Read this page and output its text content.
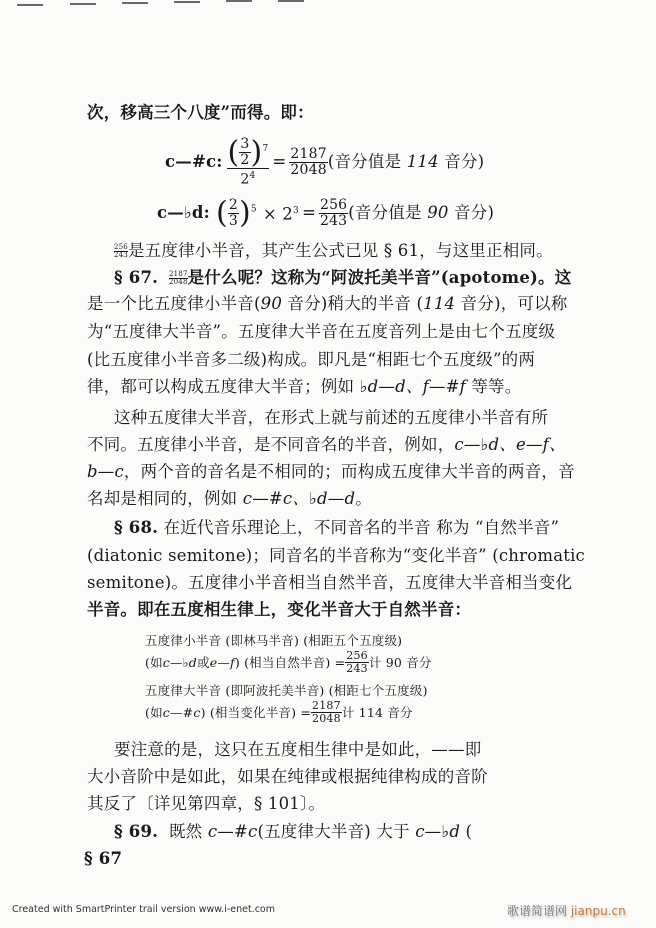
次，移高三个八度”而得。即：
c—#c: $\frac{( \frac{3}{2} )^7}{2^4} = \frac{2187}{2048}$ (音分值是 114 音分)
c—♭d: ( $\frac{2}{3} )^5 \times 2^3 = \frac{256}{243}$ (音分值是 90 音分)
$\frac{256}{243}$是五度律小半音，其产生公式已见 § 61，与这里正相同。
§ 67. $\frac{2187}{2048}$是什么呢？这称为“阿波托美半音”(apotome)。这
是一个比五度律小半音(90 音分)稍大的半音 (114 音分)，可以称
为“五度律大半音”。五度律大半音在五度音列上是由七个五度级
(比五度律小半音多二级)构成。即凡是“相距七个五度级”的两
律，都可以构成五度律大半音；例如 ♭d—d、f—#f 等等。
这种五度律大半音，在形式上就与前述的五度律小半音有所
不同。五度律小半音，是不同音名的半音，例如，c—♭d、e—f、
b—c，两个音的音名是不相同的；而构成五度律大半音的两音，音
名却是相同的，例如 c—#c、♭d—d。
§ 68. 在近代音乐理论上，不同音名的半音 称为 “自然半音”
(diatonic semitone)；同音名的半音称为“变化半音” (chromatic
semitone)。五度律小半音相当自然半音，五度律大半音相当变化
半音。即在五度相生律上，变化半音大于自然半音：
五度律小半音 (即林马半音) (相距五个五度级)
(如 c—♭d 或 e—f ) (相当自然半音) = $\frac{256}{243}$ 计 90 音分
五度律大半音 (即阿波托美半音) (相距七个五度级)
(如 c—#c ) (相当变化半音) = $\frac{2187}{2048}$ 计 114 音分
要注意的是，这只在五度相生律中是如此，——即
大小音阶中是如此，如果在纯律或根据纯律构成的音阶
其反了〔详见第四章，§ 101〕。
§ 69. 既然 c—#c(五度律大半音) 大于 c—♭d (
§ 67
Created with SmartPrinter trail version www.i-enet.com	歌谱简谱网 jianpu.cn
